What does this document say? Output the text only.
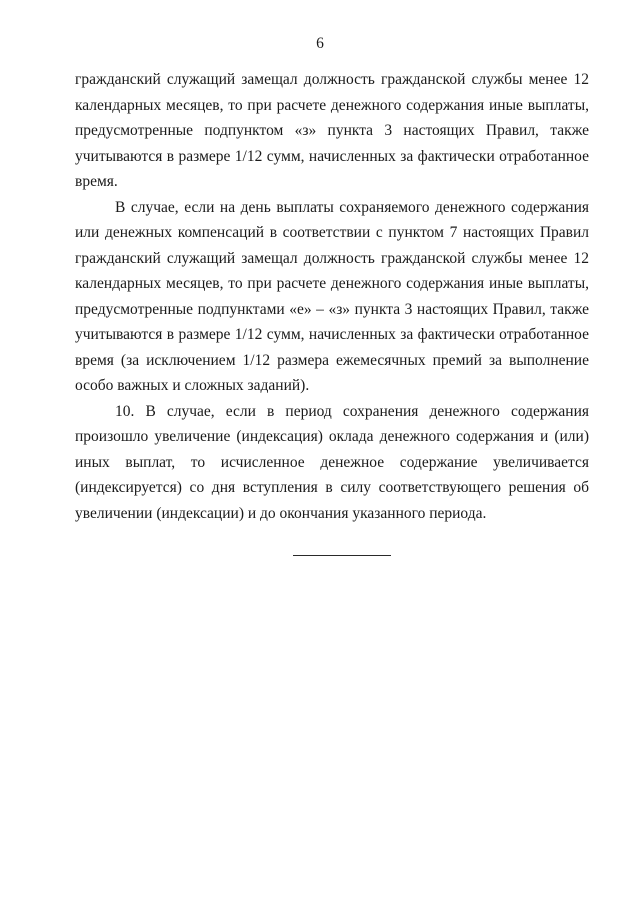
6

гражданский служащий замещал должность гражданской службы менее 12 календарных месяцев, то при расчете денежного содержания иные выплаты, предусмотренные подпунктом «з» пункта 3 настоящих Правил, также учитываются в размере 1/12 сумм, начисленных за фактически отработанное время.

В случае, если на день выплаты сохраняемого денежного содержания или денежных компенсаций в соответствии с пунктом 7 настоящих Правил гражданский служащий замещал должность гражданской службы менее 12 календарных месяцев, то при расчете денежного содержания иные выплаты, предусмотренные подпунктами «е» – «з» пункта 3 настоящих Правил, также учитываются в размере 1/12 сумм, начисленных за фактически отработанное время (за исключением 1/12 размера ежемесячных премий за выполнение особо важных и сложных заданий).

10. В случае, если в период сохранения денежного содержания произошло увеличение (индексация) оклада денежного содержания и (или) иных выплат, то исчисленное денежное содержание увеличивается (индексируется) со дня вступления в силу соответствующего решения об увеличении (индексации) и до окончания указанного периода.
